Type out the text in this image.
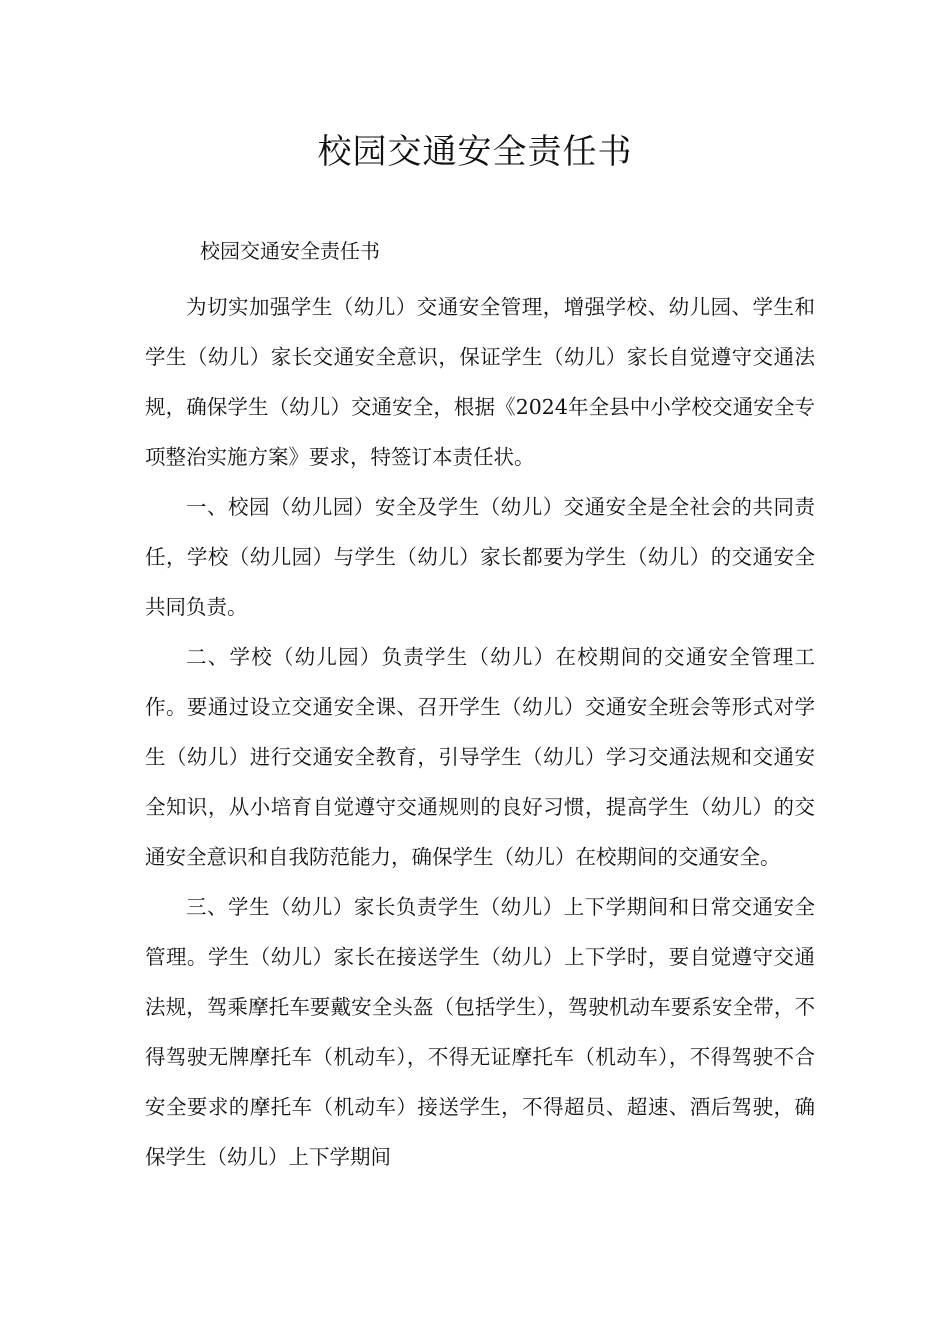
校园交通安全责任书

校园交通安全责任书

为切实加强学生（幼儿）交通安全管理，增强学校、幼儿园、学生和学生（幼儿）家长交通安全意识，保证学生（幼儿）家长自觉遵守交通法规，确保学生（幼儿）交通安全，根据《2024年全县中小学校交通安全专项整治实施方案》要求，特签订本责任状。

一、校园（幼儿园）安全及学生（幼儿）交通安全是全社会的共同责任，学校（幼儿园）与学生（幼儿）家长都要为学生（幼儿）的交通安全共同负责。

二、学校（幼儿园）负责学生（幼儿）在校期间的交通安全管理工作。要通过设立交通安全课、召开学生（幼儿）交通安全班会等形式对学生（幼儿）进行交通安全教育，引导学生（幼儿）学习交通法规和交通安全知识，从小培育自觉遵守交通规则的良好习惯，提高学生（幼儿）的交通安全意识和自我防范能力，确保学生（幼儿）在校期间的交通安全。

三、学生（幼儿）家长负责学生（幼儿）上下学期间和日常交通安全管理。学生（幼儿）家长在接送学生（幼儿）上下学时，要自觉遵守交通法规，驾乘摩托车要戴安全头盔（包括学生），驾驶机动车要系安全带，不得驾驶无牌摩托车（机动车），不得无证摩托车（机动车），不得驾驶不合安全要求的摩托车（机动车）接送学生，不得超员、超速、酒后驾驶，确保学生（幼儿）上下学期间
